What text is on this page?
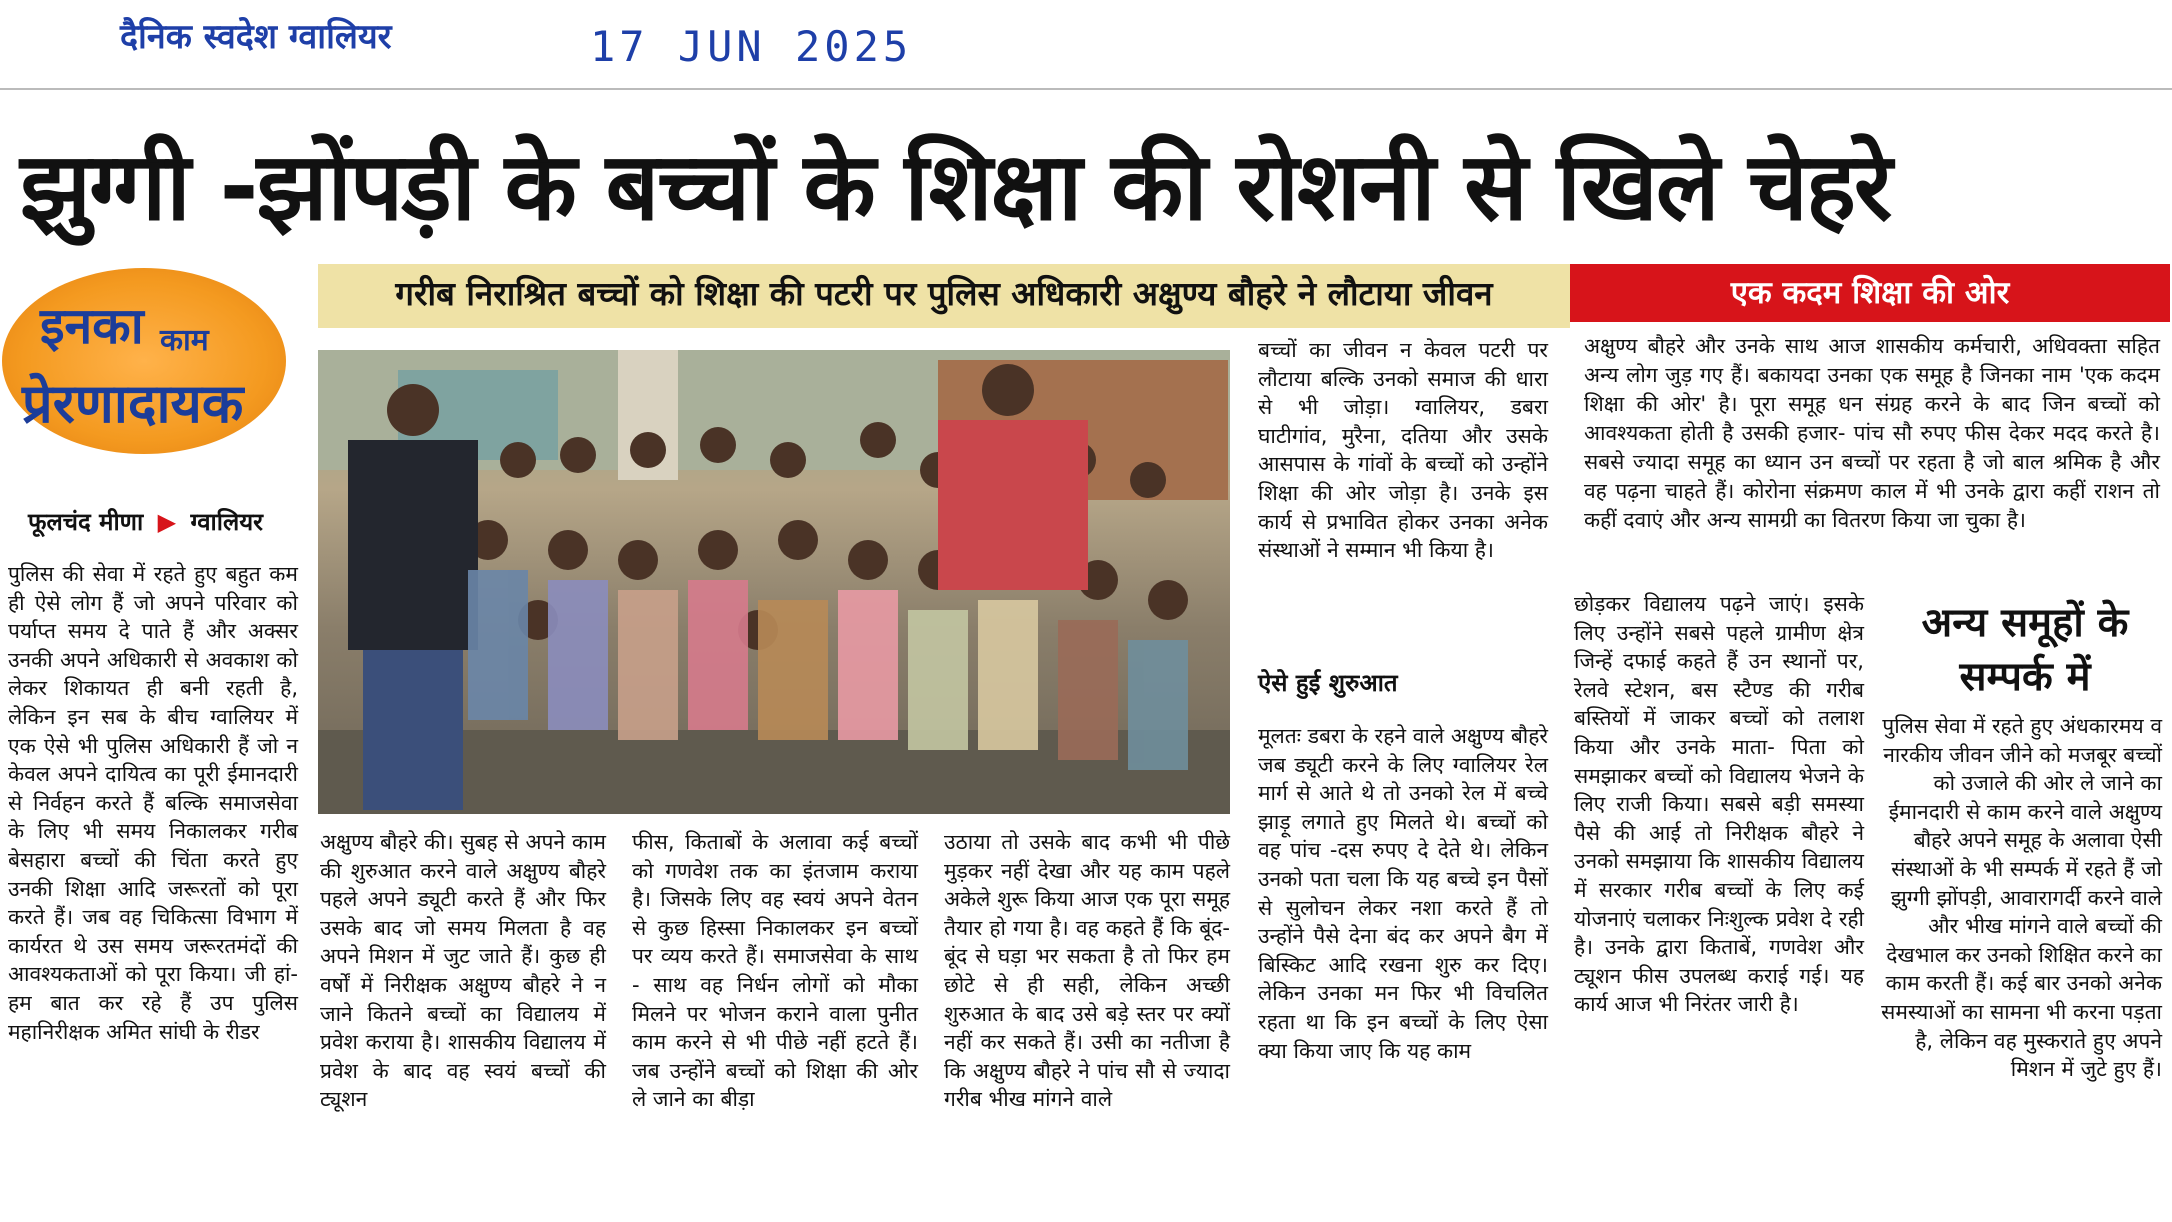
दैनिक स्वदेश ग्वालियर	17 JUN 2025
झुग्गी -झोंपड़ी के बच्चों के शिक्षा की रोशनी से खिले चेहरे
इनका काम
प्रेरणादायक
फूलचंद मीणा ▶ ग्वालियर
गरीब निराश्रित बच्चों को शिक्षा की पटरी पर पुलिस अधिकारी अक्षुण्य बौहरे ने लौटाया जीवन	एक कदम शिक्षा की ओर
पुलिस की सेवा में रहते हुए बहुत कम ही ऐसे लोग हैं जो अपने परिवार को पर्याप्त समय दे पाते हैं और अक्सर उनकी अपने अधिकारी से अवकाश को लेकर शिकायत ही बनी रहती है, लेकिन इन सब के बीच ग्वालियर में एक ऐसे भी पुलिस अधिकारी हैं जो न केवल अपने दायित्व का पूरी ईमानदारी से निर्वहन करते हैं बल्कि समाजसेवा के लिए भी समय निकालकर गरीब बेसहारा बच्चों की चिंता करते हुए उनकी शिक्षा आदि जरूरतों को पूरा करते हैं। जब वह चिकित्सा विभाग में कार्यरत थे उस समय जरूरतमंदों की आवश्यकताओं को पूरा किया। जी हां- हम बात कर रहे हैं उप पुलिस महानिरीक्षक अमित सांघी के रीडर
अक्षुण्य बौहरे की। सुबह से अपने काम की शुरुआत करने वाले अक्षुण्य बौहरे पहले अपने ड्यूटी करते हैं और फिर उसके बाद जो समय मिलता है वह अपने मिशन में जुट जाते हैं। कुछ ही वर्षों में निरीक्षक अक्षुण्य बौहरे ने न जाने कितने बच्चों का विद्यालय में प्रवेश कराया है। शासकीय विद्यालय में प्रवेश के बाद वह स्वयं बच्चों की ट्यूशन
फीस, किताबों के अलावा कई बच्चों को गणवेश तक का इंतजाम कराया है। जिसके लिए वह स्वयं अपने वेतन से कुछ हिस्सा निकालकर इन बच्चों पर व्यय करते हैं। समाजसेवा के साथ - साथ वह निर्धन लोगों को मौका मिलने पर भोजन कराने वाला पुनीत काम करने से भी पीछे नहीं हटते हैं। जब उन्होंने बच्चों को शिक्षा की ओर ले जाने का बीड़ा
उठाया तो उसके बाद कभी भी पीछे मुड़कर नहीं देखा और यह काम पहले अकेले शुरू किया आज एक पूरा समूह तैयार हो गया है। वह कहते हैं कि बूंद- बूंद से घड़ा भर सकता है तो फिर हम छोटे से ही सही, लेकिन अच्छी शुरुआत के बाद उसे बड़े स्तर पर क्यों नहीं कर सकते हैं। उसी का नतीजा है कि अक्षुण्य बौहरे ने पांच सौ से ज्यादा गरीब भीख मांगने वाले
बच्चों का जीवन न केवल पटरी पर लौटाया बल्कि उनको समाज की धारा से भी जोड़ा। ग्वालियर, डबरा घाटीगांव, मुरैना, दतिया और उसके आसपास के गांवों के बच्चों को उन्होंने शिक्षा की ओर जोड़ा है। उनके इस कार्य से प्रभावित होकर उनका अनेक संस्थाओं ने सम्मान भी किया है।
ऐसे हुई शुरुआत
मूलतः डबरा के रहने वाले अक्षुण्य बौहरे जब ड्यूटी करने के लिए ग्वालियर रेल मार्ग से आते थे तो उनको रेल में बच्चे झाड़ू लगाते हुए मिलते थे। बच्चों को वह पांच -दस रुपए दे देते थे। लेकिन उनको पता चला कि यह बच्चे इन पैसों से सुलोचन लेकर नशा करते हैं तो उन्होंने पैसे देना बंद कर अपने बैग में बिस्किट आदि रखना शुरु कर दिए। लेकिन उनका मन फिर भी विचलित रहता था कि इन बच्चों के लिए ऐसा क्या किया जाए कि यह काम
अक्षुण्य बौहरे और उनके साथ आज शासकीय कर्मचारी, अधिवक्ता सहित अन्य लोग जुड़ गए हैं। बकायदा उनका एक समूह है जिनका नाम 'एक कदम शिक्षा की ओर' है। पूरा समूह धन संग्रह करने के बाद जिन बच्चों को आवश्यकता होती है उसकी हजार- पांच सौ रुपए फीस देकर मदद करते है। सबसे ज्यादा समूह का ध्यान उन बच्चों पर रहता है जो बाल श्रमिक है और वह पढ़ना चाहते हैं। कोरोना संक्रमण काल में भी उनके द्वारा कहीं राशन तो कहीं दवाएं और अन्य सामग्री का वितरण किया जा चुका है।
छोड़कर विद्यालय पढ़ने जाएं। इसके लिए उन्होंने सबसे पहले ग्रामीण क्षेत्र जिन्हें दफाई कहते हैं उन स्थानों पर, रेलवे स्टेशन, बस स्टैण्ड की गरीब बस्तियों में जाकर बच्चों को तलाश किया और उनके माता- पिता को समझाकर बच्चों को विद्यालय भेजने के लिए राजी किया। सबसे बड़ी समस्या पैसे की आई तो निरीक्षक बौहरे ने उनको समझाया कि शासकीय विद्यालय में सरकार गरीब बच्चों के लिए कई योजनाएं चलाकर निःशुल्क प्रवेश दे रही है। उनके द्वारा किताबें, गणवेश और ट्यूशन फीस उपलब्ध कराई गई। यह कार्य आज भी निरंतर जारी है।
अन्य समूहों के सम्पर्क में
पुलिस सेवा में रहते हुए अंधकारमय व नारकीय जीवन जीने को मजबूर बच्चों को उजाले की ओर ले जाने का ईमानदारी से काम करने वाले अक्षुण्य बौहरे अपने समूह के अलावा ऐसी संस्थाओं के भी सम्पर्क में रहते हैं जो झुग्गी झोंपड़ी, आवारागर्दी करने वाले और भीख मांगने वाले बच्चों की देखभाल कर उनको शिक्षित करने का काम करती हैं। कई बार उनको अनेक समस्याओं का सामना भी करना पड़ता है, लेकिन वह मुस्कराते हुए अपने मिशन में जुटे हुए हैं।
